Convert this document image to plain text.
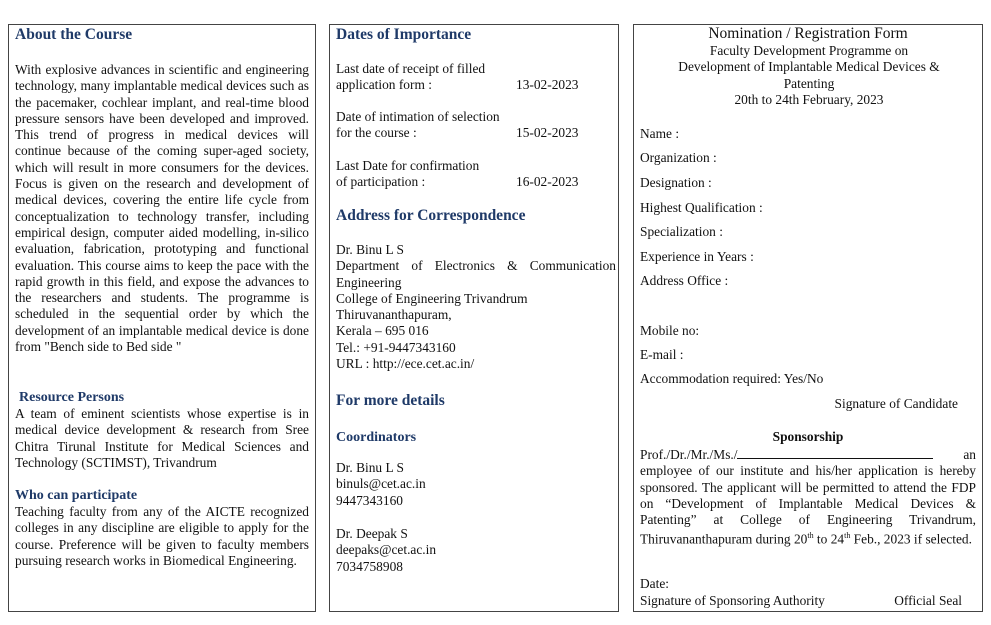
About the Course
With explosive advances in scientific and engineering technology, many implantable medical devices such as the pacemaker, cochlear implant, and real-time blood pressure sensors have been developed and improved. This trend of progress in medical devices will continue because of the coming super-aged society, which will result in more consumers for the devices. Focus is given on the research and development of medical devices, covering the entire life cycle from conceptualization to technology transfer, including empirical design, computer aided modelling, in-silico evaluation, fabrication, prototyping and functional evaluation. This course aims to keep the pace with the rapid growth in this field, and expose the advances to the researchers and students. The programme is scheduled in the sequential order by which the development of an implantable medical device is done from "Bench side to Bed side "
Resource Persons
A team of eminent scientists whose expertise is in medical device development & research from Sree Chitra Tirunal Institute for Medical Sciences and Technology (SCTIMST), Trivandrum
Who can participate
Teaching faculty from any of the AICTE recognized colleges in any discipline are eligible to apply for the course. Preference will be given to faculty members pursuing research works in Biomedical Engineering.
Dates of Importance
Last date of receipt of filled
application form :	13-02-2023
Date of intimation of selection
for the course :	15-02-2023
Last Date for confirmation
of participation :	16-02-2023
Address for Correspondence
Dr. Binu L S
Department of Electronics & Communication Engineering
College of Engineering Trivandrum
Thiruvananthapuram,
Kerala – 695 016
Tel.: +91-9447343160
URL : http://ece.cet.ac.in/
For more details
Coordinators
Dr. Binu L S
binuls@cet.ac.in
9447343160
Dr. Deepak S
deepaks@cet.ac.in
7034758908
Nomination / Registration Form
Faculty Development Programme on
Development of Implantable Medical Devices & Patenting
20th to 24th February, 2023
Name :
Organization :
Designation :
Highest Qualification :
Specialization :
Experience in Years :
Address Office :
Mobile no:
E-mail :
Accommodation required: Yes/No
Signature of Candidate
Sponsorship
Prof./Dr./Mr./Ms./	an
employee of our institute and his/her application is hereby sponsored. The applicant will be permitted to attend the FDP on “Development of Implantable Medical Devices & Patenting” at College of Engineering Trivandrum, Thiruvananthapuram during 20th to 24th Feb., 2023 if selected.
Date:
Signature of Sponsoring Authority	Official Seal
